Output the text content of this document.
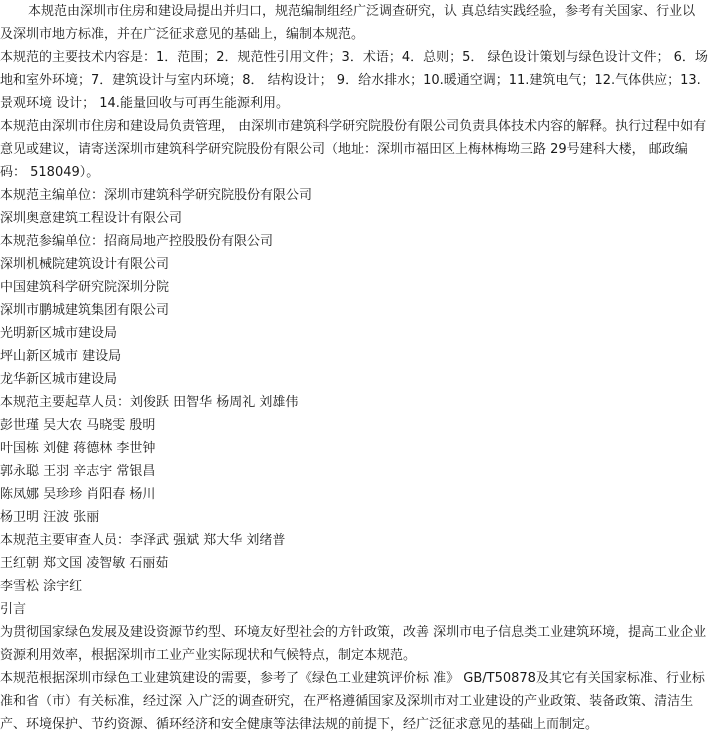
本规范由深圳市住房和建设局提出并归口，规范编制组经广泛调查研究，认 真总结实践经验，参考有关国家、行业以及深圳市地方标准，并在广泛征求意见的基础上，编制本规范。

本规范的主要技术内容是：1．范围；2．规范性引用文件；3．术语；4．总则；5． 绿色设计策划与绿色设计文件； 6．场地和室外环境；7．建筑设计与室内环境；8． 结构设计； 9．给水排水；10.暖通空调；11.建筑电气；12.气体供应；13.景观环境 设计； 14.能量回收与可再生能源利用。

本规范由深圳市住房和建设局负责管理， 由深圳市建筑科学研究院股份有限公司负责具体技术内容的解释。执行过程中如有意见或建议，请寄送深圳市建筑科学研究院股份有限公司（地址：深圳市福田区上梅林梅坳三路 29号建科大楼， 邮政编码： 518049）。

本规范主编单位：深圳市建筑科学研究院股份有限公司

深圳奥意建筑工程设计有限公司

本规范参编单位：招商局地产控股股份有限公司

深圳机械院建筑设计有限公司

中国建筑科学研究院深圳分院

深圳市鹏城建筑集团有限公司

光明新区城市建设局

坪山新区城市 建设局

龙华新区城市建设局

本规范主要起草人员：刘俊跃 田智华 杨周礼 刘雄伟

彭世瑾 吴大农 马晓雯 殷明

叶国栋 刘健 蒋德林 李世钟

郭永聪 王羽 辛志宇 常银昌

陈凤娜 吴珍珍 肖阳春 杨川

杨卫明 汪波 张丽

本规范主要审查人员：李泽武 强斌 郑大华 刘绪普

王红朝 郑文国 凌智敏 石丽茹

李雪松 涂宇红

引言

为贯彻国家绿色发展及建设资源节约型、环境友好型社会的方针政策，改善 深圳市电子信息类工业建筑环境，提高工业企业资源利用效率，根据深圳市工业产业实际现状和气候特点，制定本规范。

本规范根据深圳市绿色工业建筑建设的需要，参考了《绿色工业建筑评价标 准》 GB/T50878及其它有关国家标准、行业标准和省（市）有关标准，经过深 入广泛的调查研究，在严格遵循国家及深圳市对工业建设的产业政策、装备政策、清洁生产、环境保护、节约资源、循环经济和安全健康等法律法规的前提下，经广泛征求意见的基础上而制定。
